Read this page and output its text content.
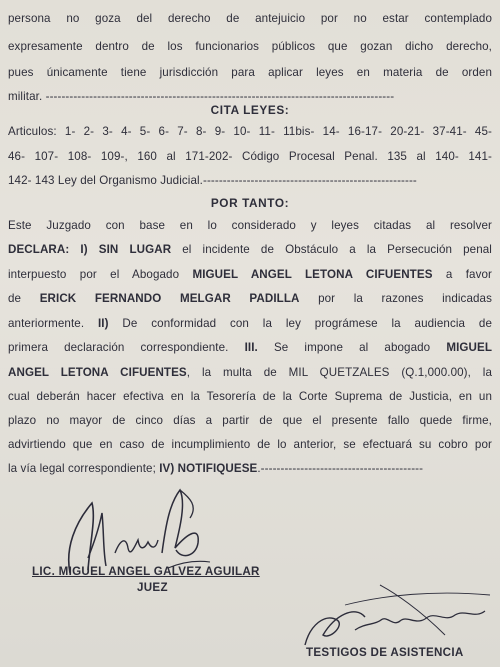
persona no goza del derecho de antejuicio por no estar contemplado
expresamente dentro de los funcionarios públicos que gozan dicho derecho,
pues únicamente tiene jurisdicción para aplicar leyes en materia de orden
militar. ----------------------------------------------------------------------------------------
CITA LEYES:
Articulos: 1- 2- 3- 4- 5- 6- 7- 8- 9- 10- 11- 11bis- 14- 16-17- 20-21- 37-41- 45-
46- 107- 108- 109-, 160 al 171-202- Código Procesal Penal. 135 al 140- 141-
142- 143 Ley del Organismo Judicial.------------------------------------------------------
POR TANTO:
Este Juzgado con base en lo considerado y leyes citadas al resolver
DECLARA: I) SIN LUGAR el incidente de Obstáculo a la Persecución penal
interpuesto por el Abogado MIGUEL ANGEL LETONA CIFUENTES a favor
de ERICK FERNANDO MELGAR PADILLA por la razones indicadas
anteriormente. II) De conformidad con la ley prográmese la audiencia de
primera declaración correspondiente. III. Se impone al abogado MIGUEL
ANGEL LETONA CIFUENTES, la multa de MIL QUETZALES (Q.1,000.00), la
cual deberán hacer efectiva en la Tesorería de la Corte Suprema de Justicia, en un
plazo no mayor de cinco días a partir de que el presente fallo quede firme,
advirtiendo que en caso de incumplimiento de lo anterior, se efectuará su cobro por
la vía legal correspondiente; IV) NOTIFIQUESE.-----------------------------------------
LIC. MIGUEL ANGEL GALVEZ AGUILAR
JUEZ
TESTIGOS DE ASISTENCIA
